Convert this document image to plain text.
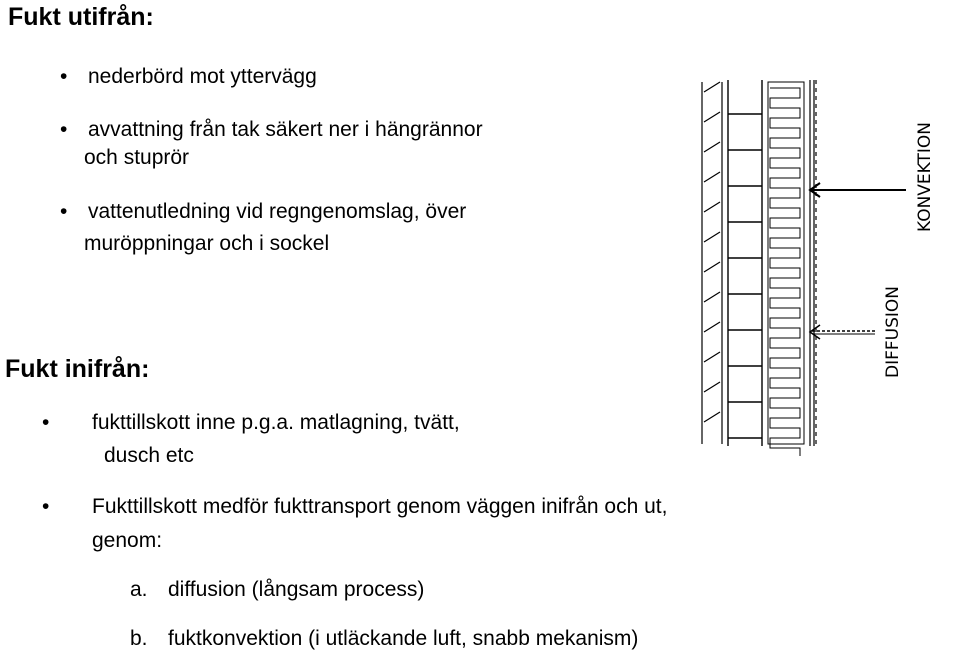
Fukt utifrån:
• nederbörd mot yttervägg
• avvattning från tak säkert ner i hängrännor
och stuprör
• vattenutledning vid regngenomslag, över
muröppningar och i sockel
Fukt inifrån:
• fukttillskott inne p.g.a. matlagning, tvätt,
dusch etc
• Fukttillskott medför fukttransport genom väggen inifrån och ut,
genom:
a. diffusion (långsam process)
b. fuktkonvektion (i utläckande luft, snabb mekanism)
KONVEKTION
DIFFUSION
